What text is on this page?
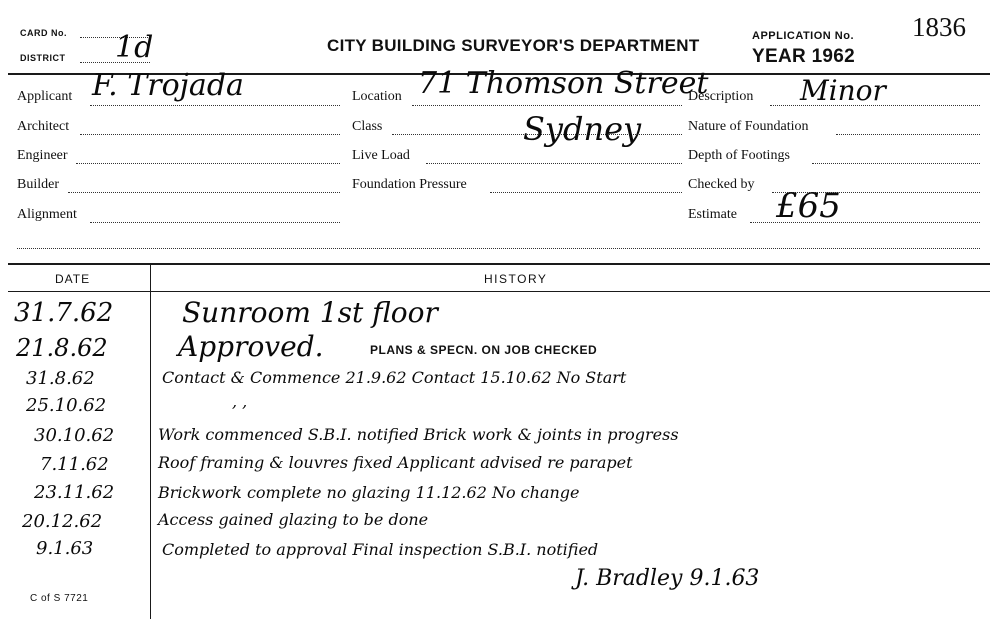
CARD No.
DISTRICT 1d	CITY BUILDING SURVEYOR'S DEPARTMENT	APPLICATION No. 1836
YEAR 1962
Applicant F. Trojada
Architect
Engineer
Builder
Alignment
Location 71 Thomson Street
Class	Sydney
Live Load
Foundation Pressure
Description Minor
Nature of Foundation
Depth of Footings
Checked by
Estimate £65
DATE	HISTORY
31.7.62 Sunroom 1st floor
21.8.62	Approved.	PLANS & SPECN. ON JOB CHECKED
31.8.62	Contact & Commence 21.9.62 Contact 15.10.62 No Start
25.10.62	, ,
30.10.62	Work commenced S.B.I. notified Brick work & joints in progress
7.11.62	Roof framing & louvres fixed Applicant advised re parapet
23.11.62	Brickwork complete no glazing 11.12.62 No change
20.12.62	Access gained glazing to be done
9.1.63	Completed to approval Final inspection S.B.I. notified
J. Bradley 9.1.63
C of S 7721
